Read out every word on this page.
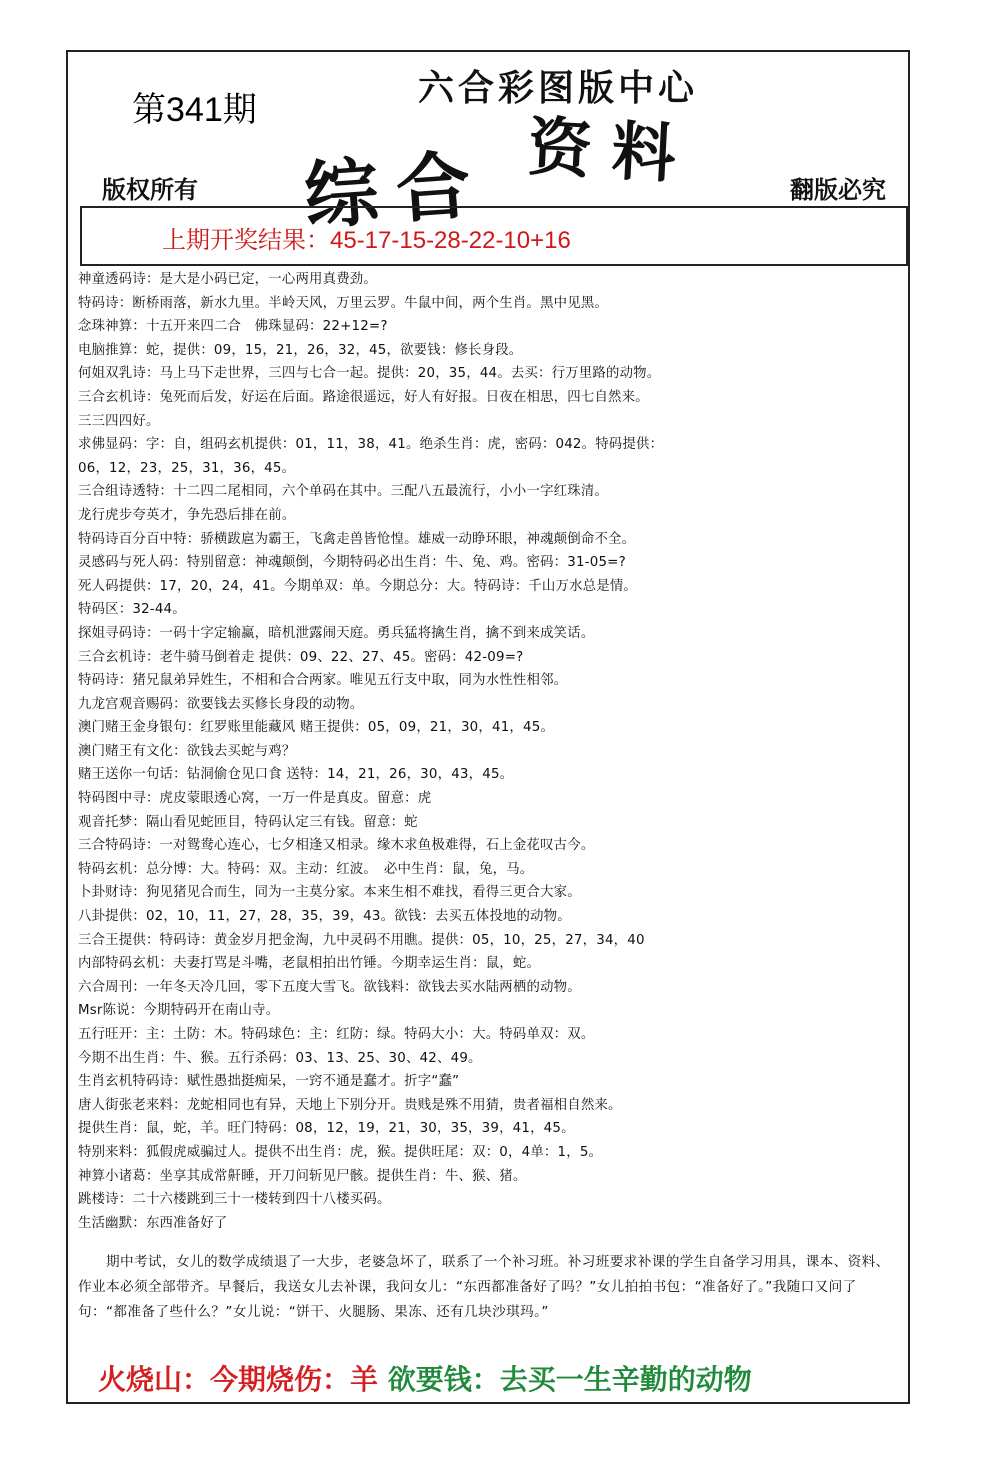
第341期
六合彩图版中心
综合 资料
版权所有	翻版必究
上期开奖结果：45-17-15-28-22-10+16
神童透码诗：是大是小码已定，一心两用真费劲。
特码诗：断桥雨落，新水九里。半岭天风，万里云罗。牛鼠中间，两个生肖。黑中见黑。
念珠神算：十五开来四二合　佛珠显码：22+12=?
电脑推算：蛇，提供：09，15，21，26，32，45，欲要钱：修长身段。
何姐双乳诗：马上马下走世界，三四与七合一起。提供：20，35，44。去买：行万里路的动物。
三合玄机诗：兔死而后发，好运在后面。路途很遥远，好人有好报。日夜在相思，四七自然来。
三三四四好。
求佛显码：字：自，组码玄机提供：01，11，38，41。绝杀生肖：虎，密码：042。特码提供：
06，12，23，25，31，36，45。
三合组诗透特：十二四二尾相同，六个单码在其中。三配八五最流行，小小一字红珠清。
龙行虎步夸英才，争先恐后排在前。
特码诗百分百中特：骄横跋扈为霸王，飞禽走兽皆怆惶。雄威一动睁环眼，神魂颠倒命不全。
灵感码与死人码：特别留意：神魂颠倒，今期特码必出生肖：牛、兔、鸡。密码：31-05=?
死人码提供：17，20，24，41。今期单双：单。今期总分：大。特码诗：千山万水总是情。
特码区：32-44。
探姐寻码诗：一码十字定输赢，暗机泄露闹天庭。勇兵猛将擒生肖，擒不到来成笑话。
三合玄机诗：老牛骑马倒着走 提供：09、22、27、45。密码：42-09=?
特码诗：猪兄鼠弟异姓生，不相和合合两家。唯见五行支中取，同为水性性相邻。
九龙宫观音赐码：欲要钱去买修长身段的动物。
澳门赌王金身银句：红罗账里能藏风 赌王提供：05，09，21，30，41，45。
澳门赌王有文化：欲钱去买蛇与鸡？
赌王送你一句话：钻洞偷仓见口食 送特：14，21，26，30，43，45。
特码图中寻：虎皮蒙眼透心窝，一万一件是真皮。留意：虎
观音托梦：隔山看见蛇匝目，特码认定三有钱。留意：蛇
三合特码诗：一对鸳鸯心连心，七夕相逢又相录。缘木求鱼极难得，石上金花叹古今。
特码玄机：总分博：大。特码：双。主动：红波。　必中生肖：鼠，兔，马。
卜卦财诗：狗见猪见合而生，同为一主莫分家。本来生相不难找，看得三更合大家。
八卦提供：02，10，11，27，28，35，39，43。欲钱：去买五体投地的动物。
三合王提供：特码诗：黄金岁月把金淘，九中灵码不用瞧。提供：05，10，25，27，34，40
内部特码玄机：夫妻打骂是斗嘴，老鼠相拍出竹锤。今期幸运生肖：鼠，蛇。
六合周刊：一年冬天冷几回，零下五度大雪飞。欲钱料：欲钱去买水陆两栖的动物。
Msr陈说：今期特码开在南山寺。
五行旺开：主：土防：木。特码球色：主：红防：绿。特码大小：大。特码单双：双。
今期不出生肖：牛、猴。五行杀码：03、13、25、30、42、49。
生肖玄机特码诗：赋性愚拙挺痴呆，一窍不通是蠢才。折字“蠢”
唐人街张老来料：龙蛇相同也有异，天地上下别分开。贵贱是殊不用猜，贵者福相自然来。
提供生肖：鼠，蛇，羊。旺门特码：08，12，19，21，30，35，39，41，45。
特别来料：狐假虎威骗过人。提供不出生肖：虎，猴。提供旺尾：双：0，4单：1，5。
神算小诸葛：坐享其成常鼾睡，开刀问斩见尸骸。提供生肖：牛、猴、猪。
跳楼诗：二十六楼跳到三十一楼转到四十八楼买码。
生活幽默：东西准备好了
期中考试，女儿的数学成绩退了一大步，老婆急坏了，联系了一个补习班。补习班要求补课的学生自备学习用具，课本、资料、作业本必须全部带齐。早餐后，我送女儿去补课，我问女儿：“东西都准备好了吗？”女儿拍拍书包：“准备好了。”我随口又问了句：“都准备了些什么？”女儿说：“饼干、火腿肠、果冻、还有几块沙琪玛。”
火烧山：今期烧伤：羊 欲要钱：去买一生辛勤的动物
